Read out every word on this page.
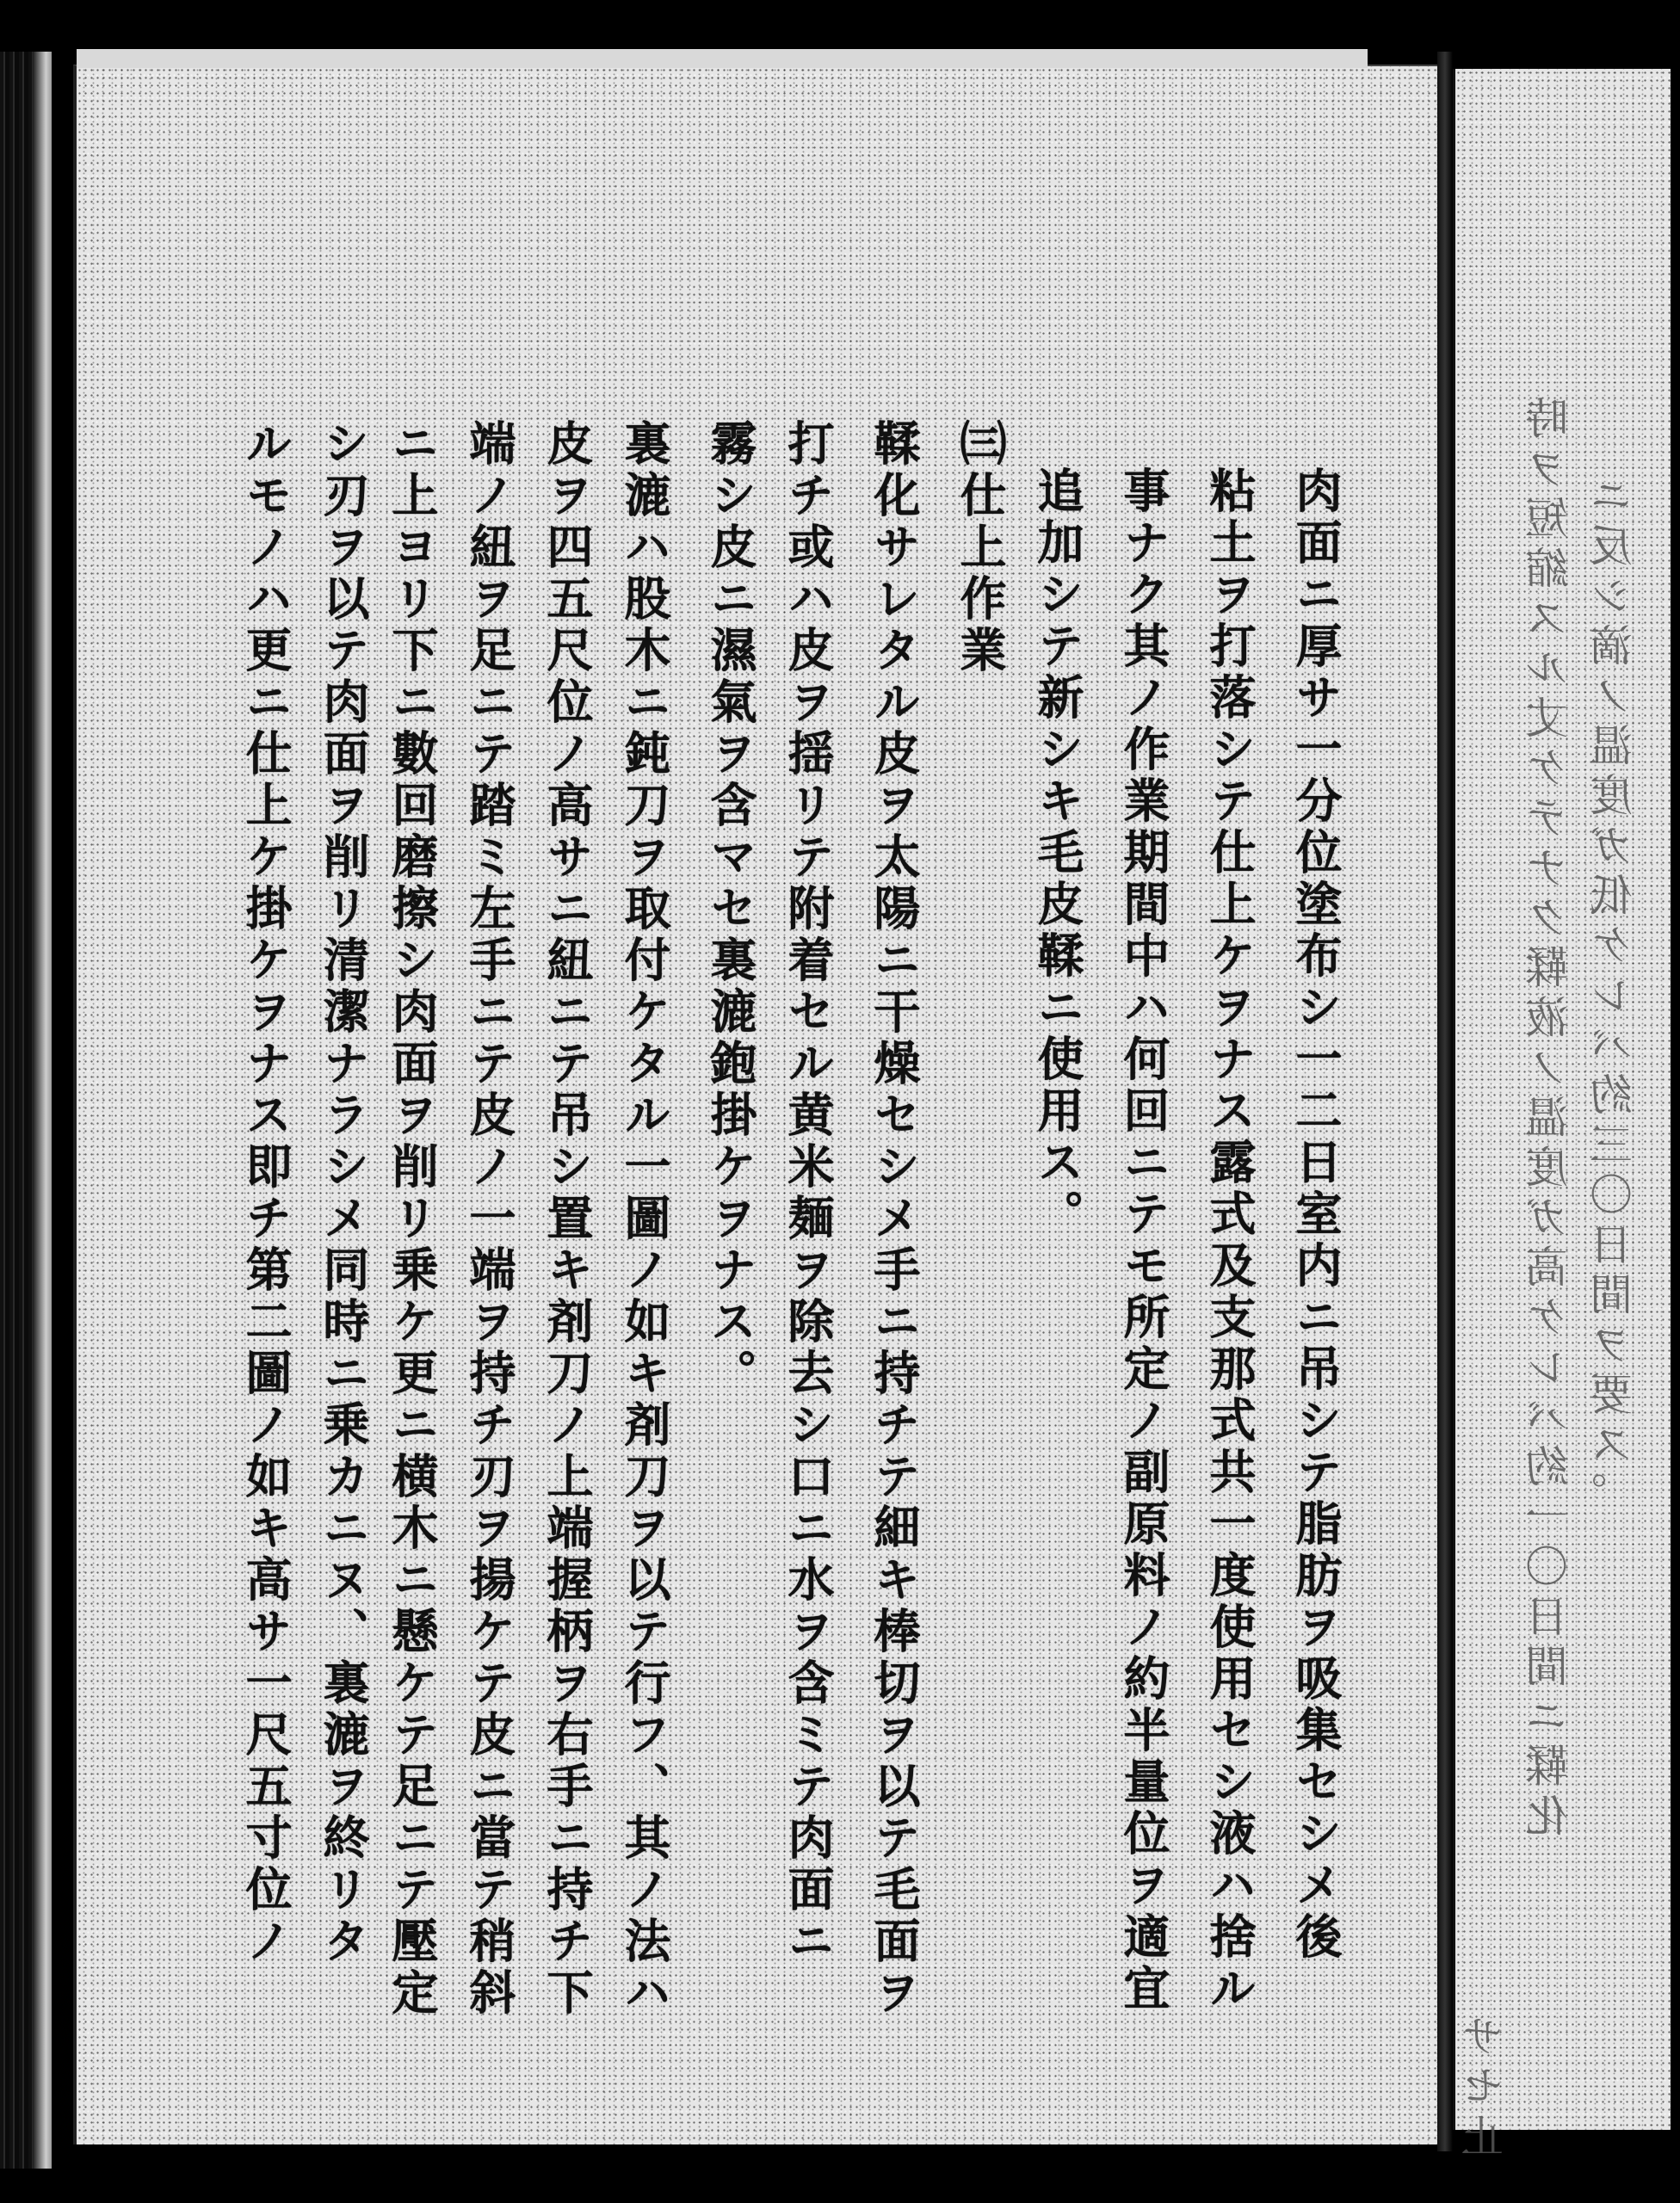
肉面ニ厚サ一分位塗布シ一二日室内ニ吊シテ脂肪ヲ吸集セシメ後
粘土ヲ打落シテ仕上ケヲナス露式及支那式共一度使用セシ液ハ捨ル
事ナク其ノ作業期間中ハ何回ニテモ所定ノ副原料ノ約半量位ヲ適宜
追加シテ新シキ毛皮鞣ニ使用ス。
㈢仕上作業
鞣化サレタル皮ヲ太陽ニ干燥セシメ手ニ持チテ細キ棒切ヲ以テ毛面ヲ
打チ或ハ皮ヲ揺リテ附着セル黄米麺ヲ除去シ口ニ水ヲ含ミテ肉面ニ
霧シ皮ニ濕氣ヲ含マセ裏漉鉋掛ケヲナス。
裏漉ハ股木ニ鈍刀ヲ取付ケタル一圖ノ如キ剤刀ヲ以テ行フ、其ノ法ハ
皮ヲ四五尺位ノ高サニ紐ニテ吊シ置キ剤刀ノ上端握柄ヲ右手ニ持チ下
端ノ紐ヲ足ニテ踏ミ左手ニテ皮ノ一端ヲ持チ刃ヲ揚ケテ皮ニ當テ稍斜
ニ上ヨリ下ニ數回磨擦シ肉面ヲ削リ乗ケ更ニ横木ニ懸ケテ足ニテ壓定
シ刃ヲ以テ肉面ヲ削リ清潔ナラシメ同時ニ乗カニヌ、裏漉ヲ終リタ
ルモノハ更ニ仕上ケ掛ケヲナス即チ第二圖ノ如キ高サ一尺五寸位ノ	ニ反シ滴ノ温度ガ低ケレバ約三〇日間ヲ要ス。
時ヲ短縮スル丈ケテナク鞣液ノ温度ガ高ケレバ約一〇日間ニ鞣化
サセ止
